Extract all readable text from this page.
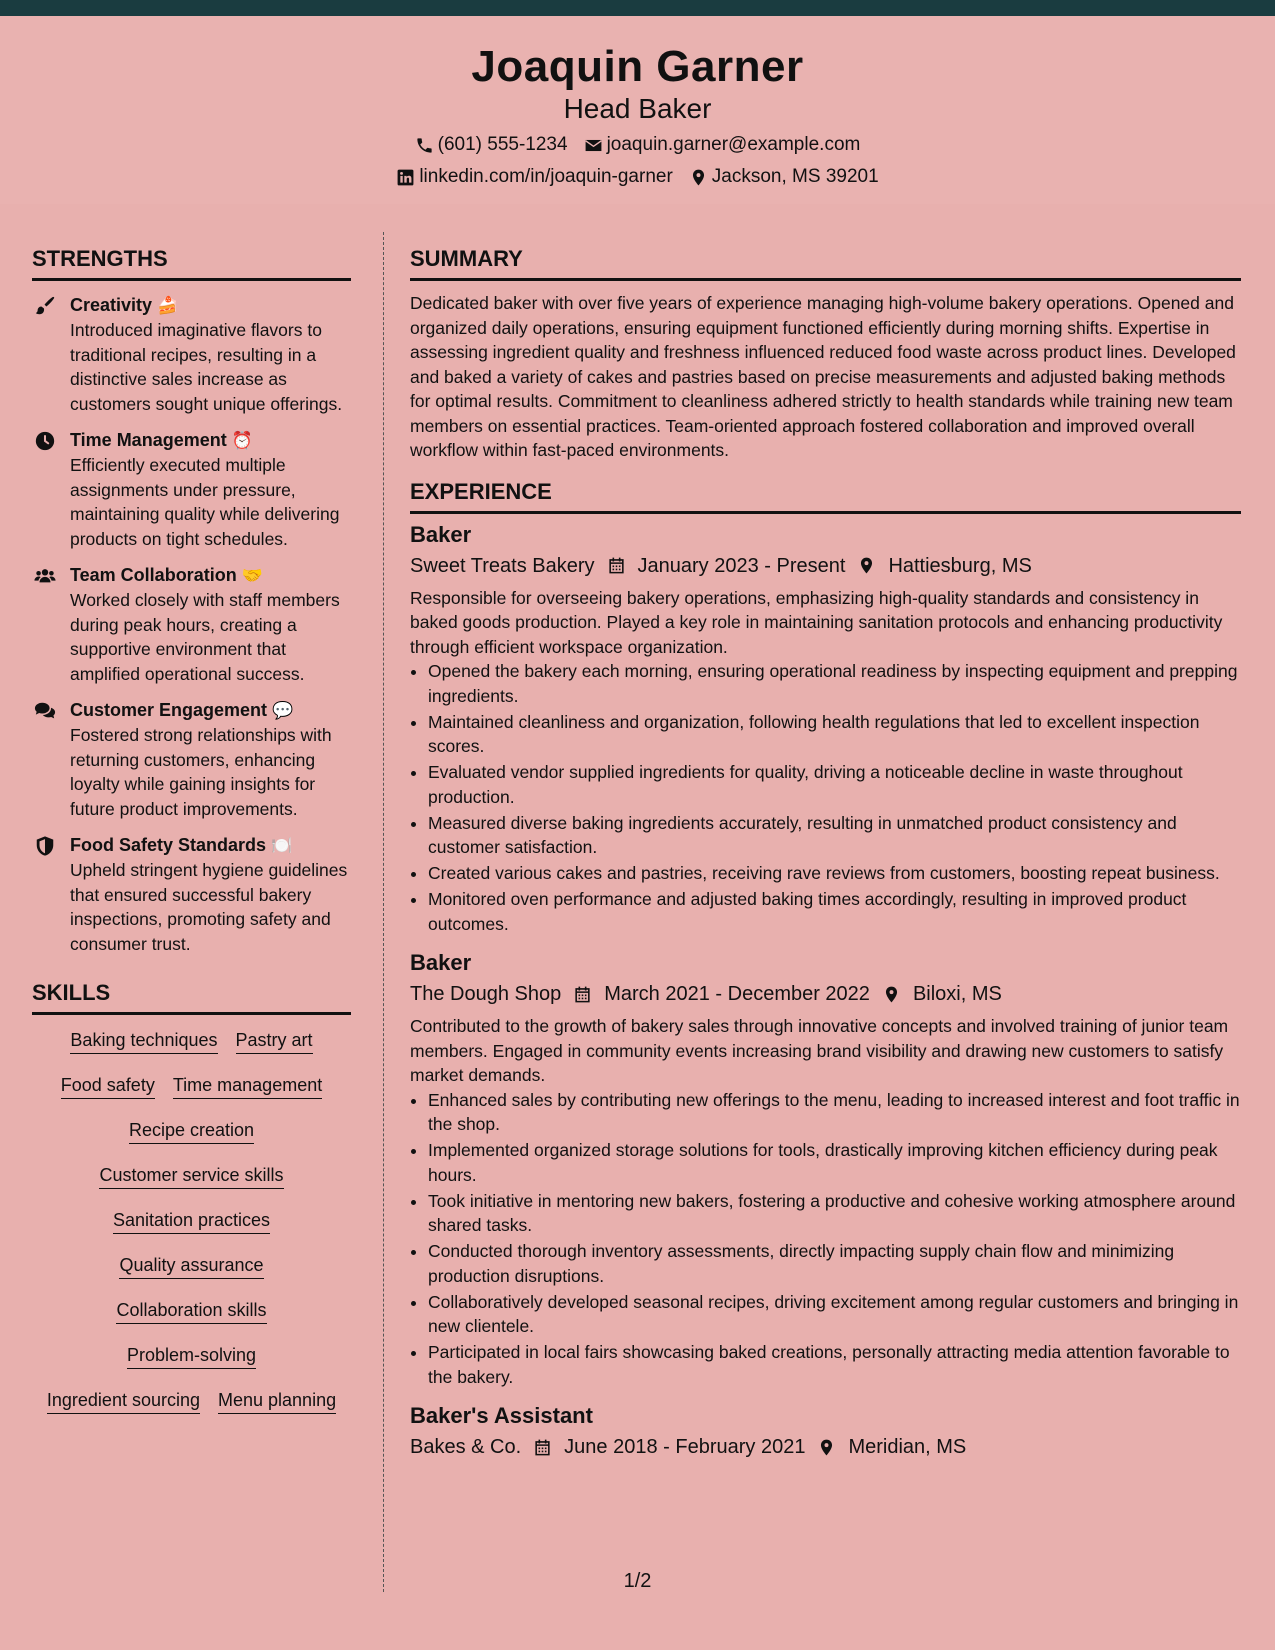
Joaquin Garner
Head Baker
(601) 555-1234 joaquin.garner@example.com
linkedin.com/in/joaquin-garner Jackson, MS 39201
STRENGTHS
Creativity 🍰
Introduced imaginative flavors to traditional recipes, resulting in a distinctive sales increase as customers sought unique offerings.
Time Management ⏰
Efficiently executed multiple assignments under pressure, maintaining quality while delivering products on tight schedules.
Team Collaboration 🤝
Worked closely with staff members during peak hours, creating a supportive environment that amplified operational success.
Customer Engagement 💬
Fostered strong relationships with returning customers, enhancing loyalty while gaining insights for future product improvements.
Food Safety Standards 🍽️
Upheld stringent hygiene guidelines that ensured successful bakery inspections, promoting safety and consumer trust.
SKILLS
Baking techniques Pastry art
Food safety Time management
Recipe creation
Customer service skills
Sanitation practices
Quality assurance
Collaboration skills
Problem-solving
Ingredient sourcing Menu planning
SUMMARY
Dedicated baker with over five years of experience managing high-volume bakery operations. Opened and organized daily operations, ensuring equipment functioned efficiently during morning shifts. Expertise in assessing ingredient quality and freshness influenced reduced food waste across product lines. Developed and baked a variety of cakes and pastries based on precise measurements and adjusted baking methods for optimal results. Commitment to cleanliness adhered strictly to health standards while training new team members on essential practices. Team-oriented approach fostered collaboration and improved overall workflow within fast-paced environments.
EXPERIENCE
Baker
Sweet Treats Bakery January 2023 - Present Hattiesburg, MS
Responsible for overseeing bakery operations, emphasizing high-quality standards and consistency in baked goods production. Played a key role in maintaining sanitation protocols and enhancing productivity through efficient workspace organization.
• Opened the bakery each morning, ensuring operational readiness by inspecting equipment and prepping ingredients.
• Maintained cleanliness and organization, following health regulations that led to excellent inspection scores.
• Evaluated vendor supplied ingredients for quality, driving a noticeable decline in waste throughout production.
• Measured diverse baking ingredients accurately, resulting in unmatched product consistency and customer satisfaction.
• Created various cakes and pastries, receiving rave reviews from customers, boosting repeat business.
• Monitored oven performance and adjusted baking times accordingly, resulting in improved product outcomes.
Baker
The Dough Shop March 2021 - December 2022 Biloxi, MS
Contributed to the growth of bakery sales through innovative concepts and involved training of junior team members. Engaged in community events increasing brand visibility and drawing new customers to satisfy market demands.
• Enhanced sales by contributing new offerings to the menu, leading to increased interest and foot traffic in the shop.
• Implemented organized storage solutions for tools, drastically improving kitchen efficiency during peak hours.
• Took initiative in mentoring new bakers, fostering a productive and cohesive working atmosphere around shared tasks.
• Conducted thorough inventory assessments, directly impacting supply chain flow and minimizing production disruptions.
• Collaboratively developed seasonal recipes, driving excitement among regular customers and bringing in new clientele.
• Participated in local fairs showcasing baked creations, personally attracting media attention favorable to the bakery.
Baker's Assistant
Bakes & Co. June 2018 - February 2021 Meridian, MS
1/2
